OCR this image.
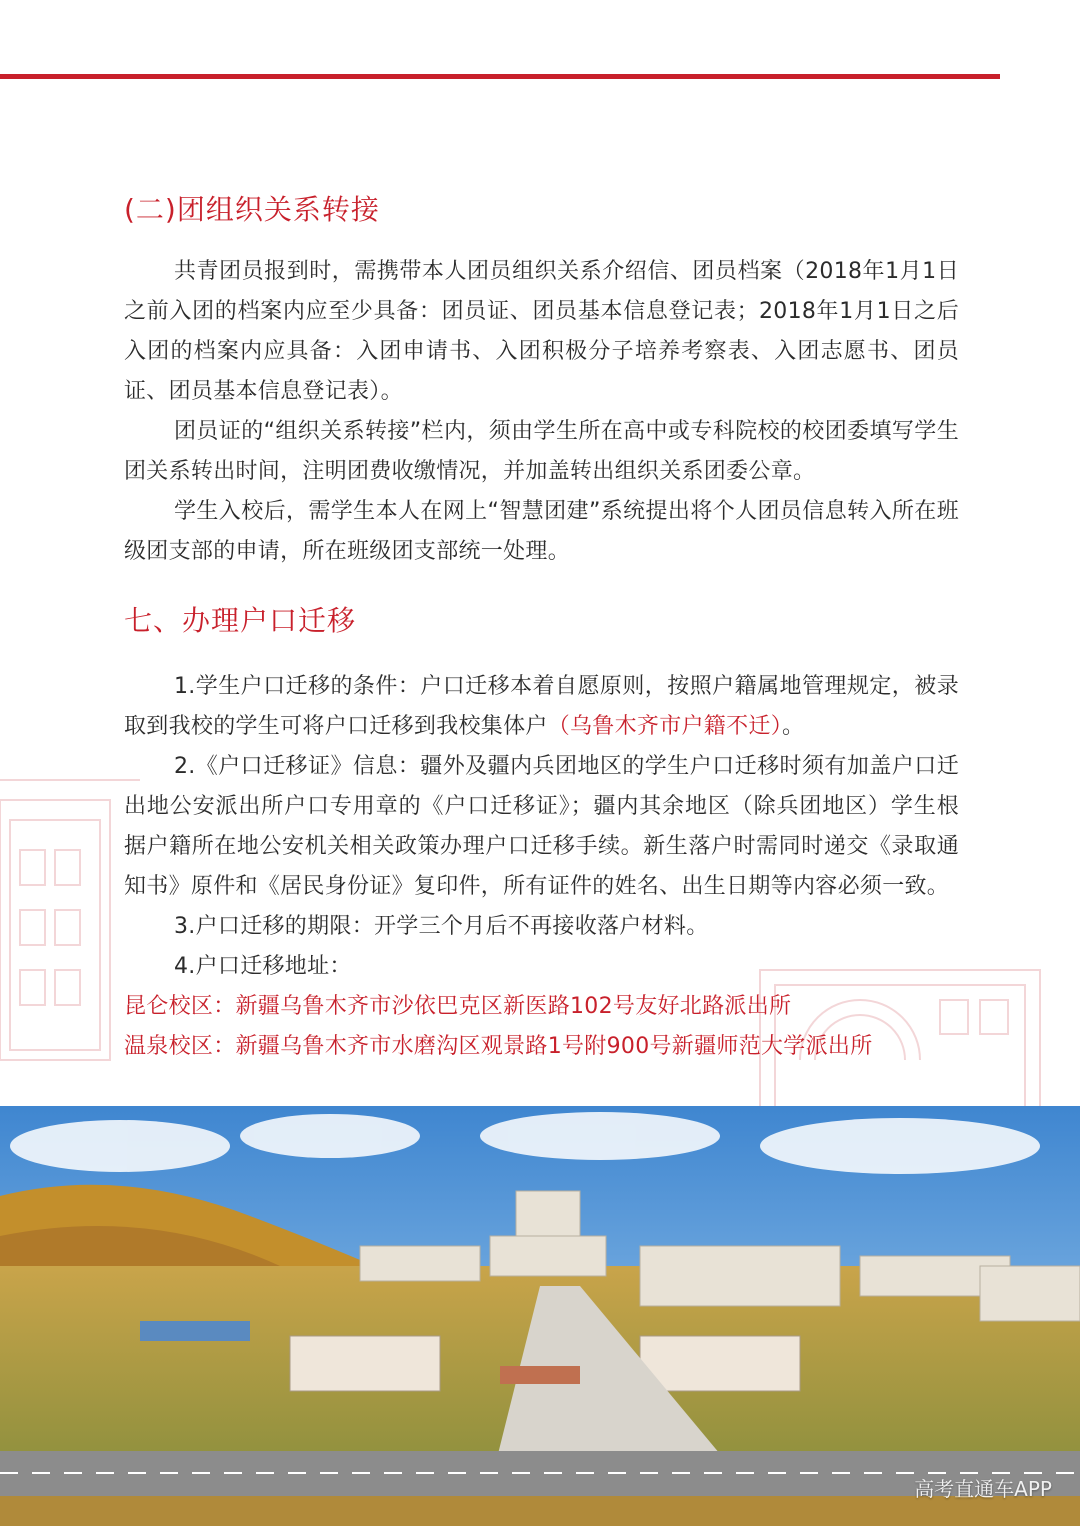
(二)团组织关系转接

共青团员报到时，需携带本人团员组织关系介绍信、团员档案（2018年1月1日之前入团的档案内应至少具备：团员证、团员基本信息登记表；2018年1月1日之后入团的档案内应具备：入团申请书、入团积极分子培养考察表、入团志愿书、团员证、团员基本信息登记表）。

团员证的“组织关系转接”栏内，须由学生所在高中或专科院校的校团委填写学生团关系转出时间，注明团费收缴情况，并加盖转出组织关系团委公章。

学生入校后，需学生本人在网上“智慧团建”系统提出将个人团员信息转入所在班级团支部的申请，所在班级团支部统一处理。

七、办理户口迁移

1.学生户口迁移的条件：户口迁移本着自愿原则，按照户籍属地管理规定，被录取到我校的学生可将户口迁移到我校集体户（乌鲁木齐市户籍不迁）。

2.《户口迁移证》信息：疆外及疆内兵团地区的学生户口迁移时须有加盖户口迁出地公安派出所户口专用章的《户口迁移证》；疆内其余地区（除兵团地区）学生根据户籍所在地公安机关相关政策办理户口迁移手续。新生落户时需同时递交《录取通知书》原件和《居民身份证》复印件，所有证件的姓名、出生日期等内容必须一致。

3.户口迁移的期限：开学三个月后不再接收落户材料。

4.户口迁移地址：

昆仑校区：新疆乌鲁木齐市沙依巴克区新医路102号友好北路派出所

温泉校区：新疆乌鲁木齐市水磨沟区观景路1号附900号新疆师范大学派出所

高考直通车APP
